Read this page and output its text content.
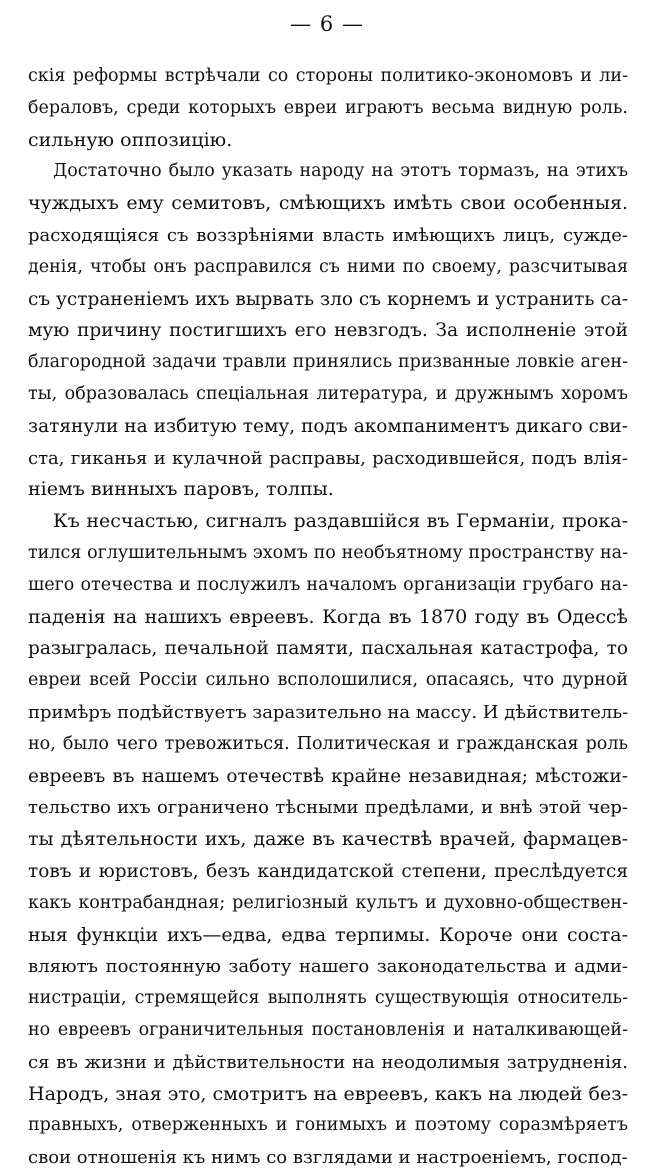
— 6 —
скія реформы встрѣчали со стороны политико-экономовъ и ли-
бераловъ, среди которыхъ евреи играютъ весьма видную роль.
сильную оппозицію.
Достаточно было указать народу на этотъ тормазъ, на этихъ
чуждыхъ ему семитовъ, смѣющихъ имѣть свои особенныя.
расходящіяся съ воззрѣніями власть имѣющихъ лицъ, сужде-
денія, чтобы онъ расправился съ ними по своему, разсчитывая
съ устраненіемъ ихъ вырвать зло съ корнемъ и устранить са-
мую причину постигшихъ его невзгодъ. За исполненіе этой
благородной задачи травли принялись призванные ловкіе аген-
ты, образовалась спеціальная литература, и дружнымъ хоромъ
затянули на избитую тему, подъ акомпаниментъ дикаго сви-
ста, гиканья и кулачной расправы, расходившейся, подъ влія-
ніемъ винныхъ паровъ, толпы.
Къ несчастью, сигналъ раздавшійся въ Германіи, прока-
тился оглушительнымъ эхомъ по необъятному пространству на-
шего отечества и послужилъ началомъ организаціи грубаго на-
паденія на нашихъ евреевъ. Когда въ 1870 году въ Одессѣ
разыгралась, печальной памяти, пасхальная катастрофа, то
евреи всей Россіи сильно всполошилися, опасаясь, что дурной
примѣръ подѣйствуетъ заразительно на массу. И дѣйствитель-
но, было чего тревожиться. Политическая и гражданская роль
евреевъ въ нашемъ отечествѣ крайне незавидная; мѣстожи-
тельство ихъ ограничено тѣсными предѣлами, и внѣ этой чер-
ты дѣятельности ихъ, даже въ качествѣ врачей, фармацев-
товъ и юристовъ, безъ кандидатской степени, преслѣдуется
какъ контрабандная; религіозный культъ и духовно-обществен-
ныя функціи ихъ—едва, едва терпимы. Короче они соста-
вляютъ постоянную заботу нашего законодательства и адми-
нистраціи, стремящейся выполнять существующія относитель-
но евреевъ ограничительныя постановленія и наталкивающей-
ся въ жизни и дѣйствительности на неодолимыя затрудненія.
Народъ, зная это, смотритъ на евреевъ, какъ на людей без-
правныхъ, отверженныхъ и гонимыхъ и поэтому соразмѣряетъ
свои отношенія къ нимъ со взглядами и настроеніемъ, господ-
